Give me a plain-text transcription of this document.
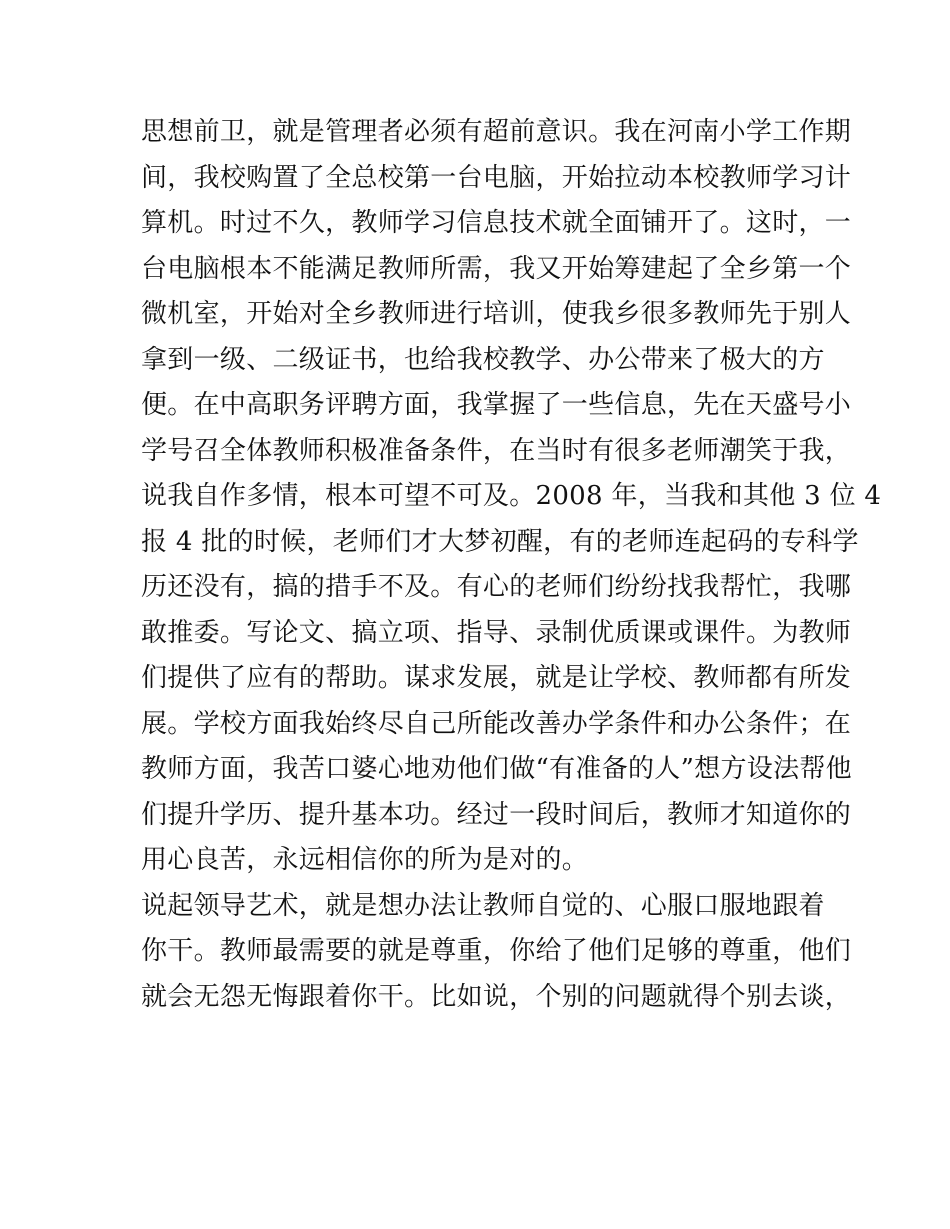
思想前卫，就是管理者必须有超前意识。我在河南小学工作期
间，我校购置了全总校第一台电脑，开始拉动本校教师学习计
算机。时过不久，教师学习信息技术就全面铺开了。这时，一
台电脑根本不能满足教师所需，我又开始筹建起了全乡第一个
微机室，开始对全乡教师进行培训，使我乡很多教师先于别人
拿到一级、二级证书，也给我校教学、办公带来了极大的方
便。在中高职务评聘方面，我掌握了一些信息，先在天盛号小
学号召全体教师积极准备条件，在当时有很多老师潮笑于我，
说我自作多情，根本可望不可及。2008 年，当我和其他 3 位 4
报 4 批的时候，老师们才大梦初醒，有的老师连起码的专科学
历还没有，搞的措手不及。有心的老师们纷纷找我帮忙，我哪
敢推委。写论文、搞立项、指导、录制优质课或课件。为教师
们提供了应有的帮助。谋求发展，就是让学校、教师都有所发
展。学校方面我始终尽自己所能改善办学条件和办公条件；在
教师方面，我苦口婆心地劝他们做“有准备的人”想方设法帮他
们提升学历、提升基本功。经过一段时间后，教师才知道你的
用心良苦，永远相信你的所为是对的。
说起领导艺术，就是想办法让教师自觉的、心服口服地跟着
你干。教师最需要的就是尊重，你给了他们足够的尊重，他们
就会无怨无悔跟着你干。比如说，个别的问题就得个别去谈，
